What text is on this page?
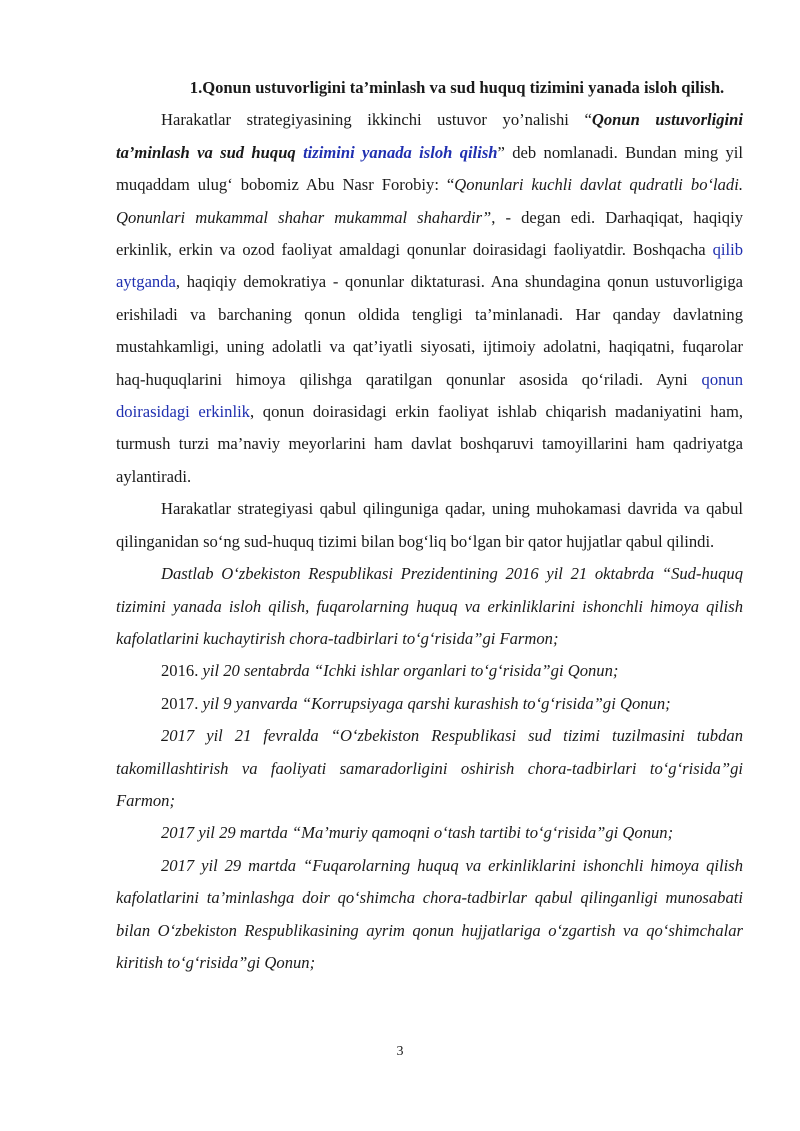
1.Qonun ustuvorligini ta’minlash va sud huquq tizimini yanada isloh qilish.

Harakatlar strategiyasining ikkinchi ustuvor yo’nalishi “Qonun ustuvorligini ta’minlash va sud huquq tizimini yanada isloh qilish” deb nomlanadi. Bundan ming yil muqaddam ulug‘ bobomiz Abu Nasr Forobiy: “Qonunlari kuchli davlat qudratli bo‘ladi. Qonunlari mukammal shahar mukammal shahardir”, - degan edi. Darhaqiqat, haqiqiy erkinlik, erkin va ozod faoliyat amaldagi qonunlar doirasidagi faoliyatdir. Boshqacha qilib aytganda, haqiqiy demokratiya - qonunlar diktaturasi. Ana shundagina qonun ustuvorligiga erishiladi va barchaning qonun oldida tengligi ta’minlanadi. Har qanday davlatning mustahkamligi, uning adolatli va qat’iyatli siyosati, ijtimoiy adolatni, haqiqatni, fuqarolar haq-huquqlarini himoya qilishga qaratilgan qonunlar asosida qo‘riladi. Ayni qonun doirasidagi erkinlik, qonun doirasidagi erkin faoliyat ishlab chiqarish madaniyatini ham, turmush turzi ma’naviy meyorlarini ham davlat boshqaruvi tamoyillarini ham qadriyatga aylantiradi.

Harakatlar strategiyasi qabul qilinguniga qadar, uning muhokamasi davrida va qabul qilinganidan so‘ng sud-huquq tizimi bilan bog‘liq bo‘lgan bir qator hujjatlar qabul qilindi.

Dastlab O‘zbekiston Respublikasi Prezidentining 2016 yil 21 oktabrda “Sud-huquq tizimini yanada isloh qilish, fuqarolarning huquq va erkinliklarini ishonchli himoya qilish kafolatlarini kuchaytirish chora-tadbirlari to‘g‘risida”gi Farmon;

2016. yil 20 sentabrda “Ichki ishlar organlari to‘g‘risida”gi Qonun;

2017. yil 9 yanvarda “Korrupsiyaga qarshi kurashish to‘g‘risida”gi Qonun;

2017 yil 21 fevralda “O‘zbekiston Respublikasi sud tizimi tuzilmasini tubdan takomillashtirish va faoliyati samaradorligini oshirish chora-tadbirlari to‘g‘risida”gi Farmon;

2017 yil 29 martda “Ma’muriy qamoqni o‘tash tartibi to‘g‘risida”gi Qonun;

2017 yil 29 martda “Fuqarolarning huquq va erkinliklarini ishonchli himoya qilish kafolatlarini ta’minlashga doir qo‘shimcha chora-tadbirlar qabul qilinganligi munosabati bilan O‘zbekiston Respublikasining ayrim qonun hujjatlariga o‘zgartish va qo‘shimchalar kiritish to‘g‘risida”gi Qonun;

3
